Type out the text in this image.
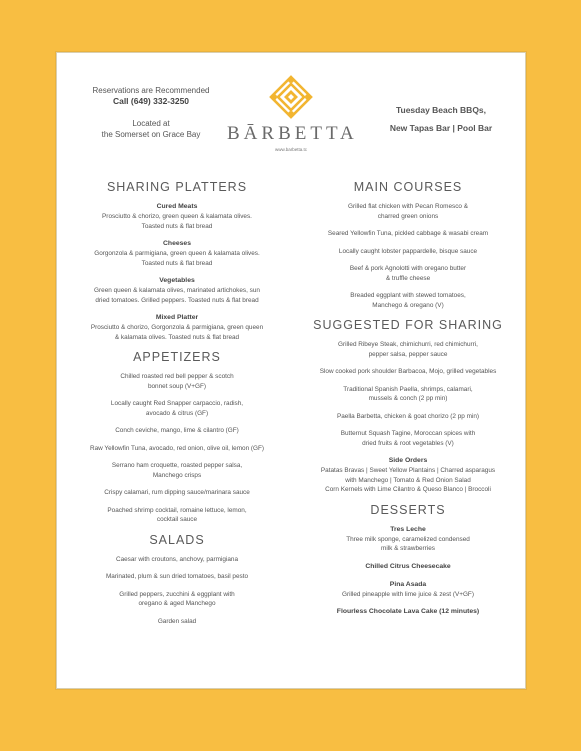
Reservations are Recommended
Call (649) 332-3250
Located at
the Somerset on Grace Bay	BĀRBETTA
www.barbetta.tc
Tuesday Beach BBQs,
New Tapas Bar | Pool Bar
SHARING PLATTERS
Cured Meats
Prosciutto & chorizo, green queen & kalamata olives.
Toasted nuts & flat bread
Cheeses
Gorgonzola & parmigiana, green queen & kalamata olives.
Toasted nuts & flat bread
Vegetables
Green queen & kalamata olives, marinated artichokes, sun
dried tomatoes. Grilled peppers. Toasted nuts & flat bread
Mixed Platter
Prosciutto & chorizo, Gorgonzola & parmigiana, green queen
& kalamata olives. Toasted nuts & flat bread
APPETIZERS
Chilled roasted red bell pepper & scotch
bonnet soup (V+GF)
Locally caught Red Snapper carpaccio, radish,
avocado & citrus (GF)
Conch ceviche, mango, lime & cilantro (GF)
Raw Yellowfin Tuna, avocado, red onion, olive oil, lemon (GF)
Serrano ham croquette, roasted pepper salsa,
Manchego crisps
Crispy calamari, rum dipping sauce/marinara sauce
Poached shrimp cocktail, romaine lettuce, lemon,
cocktail sauce
SALADS
Caesar with croutons, anchovy, parmigiana
Marinated, plum & sun dried tomatoes, basil pesto
Grilled peppers, zucchini & eggplant with
oregano & aged Manchego
Garden salad
MAIN COURSES
Grilled flat chicken with Pecan Romesco &
charred green onions
Seared Yellowfin Tuna, pickled cabbage & wasabi cream
Locally caught lobster pappardelle, bisque sauce
Beef & pork Agnolotti with oregano butter
& truffle cheese
Breaded eggplant with stewed tomatoes,
Manchego & oregano (V)
SUGGESTED FOR SHARING
Grilled Ribeye Steak, chimichurri, red chimichurri,
pepper salsa, pepper sauce
Slow cooked pork shoulder Barbacoa, Mojo, grilled vegetables
Traditional Spanish Paella, shrimps, calamari,
mussels & conch (2 pp min)
Paella Barbetta, chicken & goat chorizo (2 pp min)
Butternut Squash Tagine, Moroccan spices with
dried fruits & root vegetables (V)
Side Orders
Patatas Bravas | Sweet Yellow Plantains | Charred asparagus
with Manchego | Tomato & Red Onion Salad
Corn Kernels with Lime Cilantro & Queso Blanco | Broccoli
DESSERTS
Tres Leche
Three milk sponge, caramelized condensed
milk & strawberries
Chilled Citrus Cheesecake
Pina Asada
Grilled pineapple with lime juice & zest (V+GF)
Flourless Chocolate Lava Cake (12 minutes)
